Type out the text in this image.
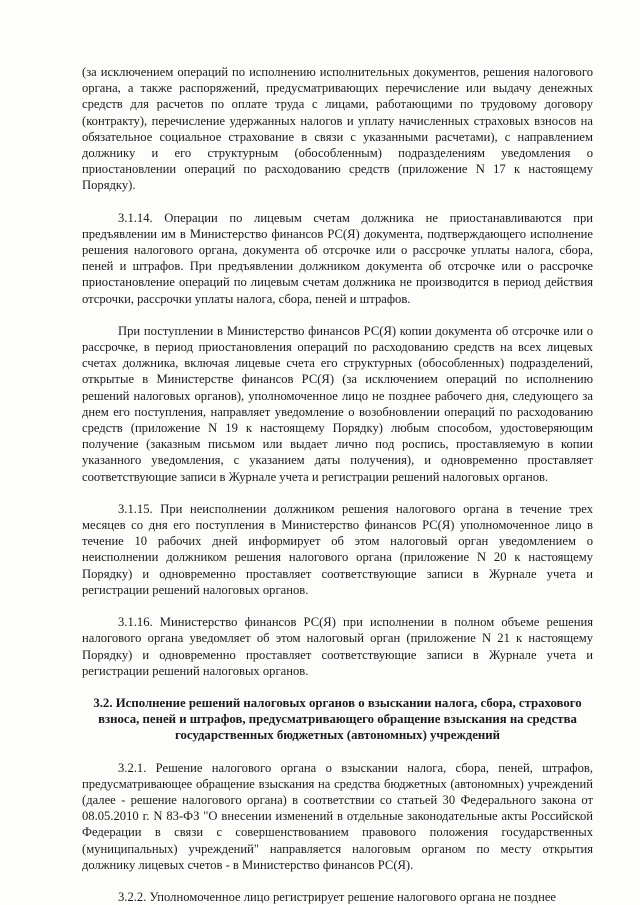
(за исключением операций по исполнению исполнительных документов, решения налогового органа, а также распоряжений, предусматривающих перечисление или выдачу денежных средств для расчетов по оплате труда с лицами, работающими по трудовому договору (контракту), перечисление удержанных налогов и уплату начисленных страховых взносов на обязательное социальное страхование в связи с указанными расчетами), с направлением должнику и его структурным (обособленным) подразделениям уведомления о приостановлении операций по расходованию средств (приложение N 17 к настоящему Порядку).

3.1.14. Операции по лицевым счетам должника не приостанавливаются при предъявлении им в Министерство финансов РС(Я) документа, подтверждающего исполнение решения налогового органа, документа об отсрочке или о рассрочке уплаты налога, сбора, пеней и штрафов. При предъявлении должником документа об отсрочке или о рассрочке приостановление операций по лицевым счетам должника не производится в период действия отсрочки, рассрочки уплаты налога, сбора, пеней и штрафов.

При поступлении в Министерство финансов РС(Я) копии документа об отсрочке или о рассрочке, в период приостановления операций по расходованию средств на всех лицевых счетах должника, включая лицевые счета его структурных (обособленных) подразделений, открытые в Министерстве финансов РС(Я) (за исключением операций по исполнению решений налоговых органов), уполномоченное лицо не позднее рабочего дня, следующего за днем его поступления, направляет уведомление о возобновлении операций по расходованию средств (приложение N 19 к настоящему Порядку) любым способом, удостоверяющим получение (заказным письмом или выдает лично под роспись, проставляемую в копии указанного уведомления, с указанием даты получения), и одновременно проставляет соответствующие записи в Журнале учета и регистрации решений налоговых органов.

3.1.15. При неисполнении должником решения налогового органа в течение трех месяцев со дня его поступления в Министерство финансов РС(Я) уполномоченное лицо в течение 10 рабочих дней информирует об этом налоговый орган уведомлением о неисполнении должником решения налогового органа (приложение N 20 к настоящему Порядку) и одновременно проставляет соответствующие записи в Журнале учета и регистрации решений налоговых органов.

3.1.16. Министерство финансов РС(Я) при исполнении в полном объеме решения налогового органа уведомляет об этом налоговый орган (приложение N 21 к настоящему Порядку) и одновременно проставляет соответствующие записи в Журнале учета и регистрации решений налоговых органов.

3.2. Исполнение решений налоговых органов о взыскании налога, сбора, страхового взноса, пеней и штрафов, предусматривающего обращение взыскания на средства государственных бюджетных (автономных) учреждений

3.2.1. Решение налогового органа о взыскании налога, сбора, пеней, штрафов, предусматривающее обращение взыскания на средства бюджетных (автономных) учреждений (далее - решение налогового органа) в соответствии со статьей 30 Федерального закона от 08.05.2010 г. N 83-ФЗ "О внесении изменений в отдельные законодательные акты Российской Федерации в связи с совершенствованием правового положения государственных (муниципальных) учреждений" направляется налоговым органом по месту открытия должнику лицевых счетов - в Министерство финансов РС(Я).

3.2.2. Уполномоченное лицо регистрирует решение налогового органа не позднее
